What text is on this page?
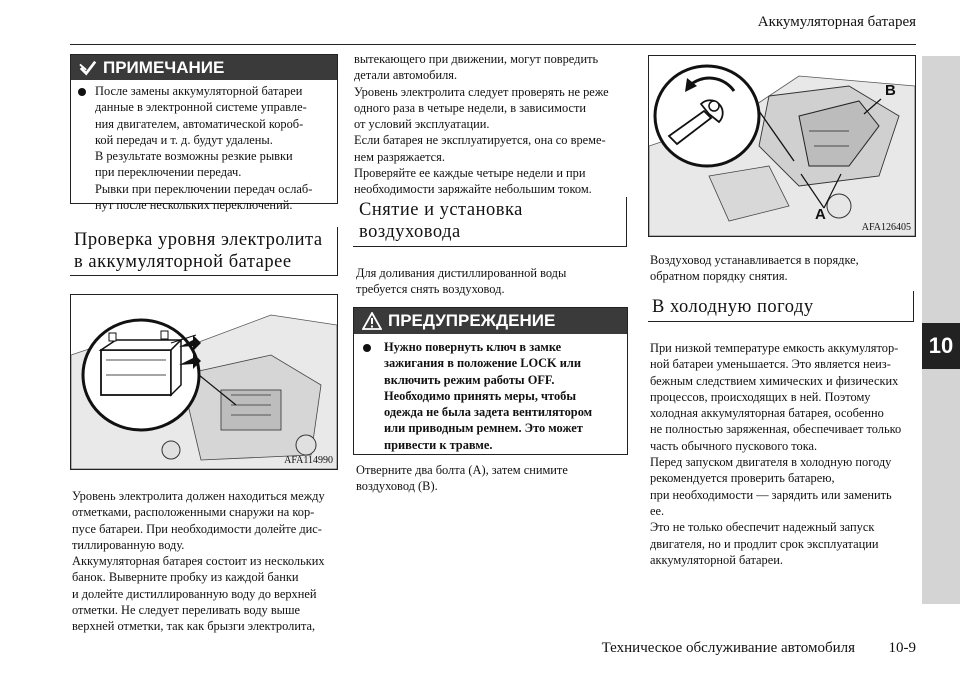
Аккумуляторная батарея
10
ПРИМЕЧАНИЕ
После замены аккумуляторной батареи
данные в электронной системе управле-
ния двигателем, автоматической короб-
кой передач и т. д. будут удалены.
В результате возможны резкие рывки
при переключении передач.
Рывки при переключении передач ослаб-
нут после нескольких переключений.
Проверка уровня электролита
в аккумуляторной батарее
AFA114990
Уровень электролита должен находиться между
отметками, расположенными снаружи на кор-
пусе батареи. При необходимости долейте дис-
тиллированную воду.
Аккумуляторная батарея состоит из нескольких
банок. Выверните пробку из каждой банки
и долейте дистиллированную воду до верхней
отметки. Не следует переливать воду выше
верхней отметки, так как брызги электролита,
вытекающего при движении, могут повредить
детали автомобиля.
Уровень электролита следует проверять не реже
одного раза в четыре недели, в зависимости
от условий эксплуатации.
Если батарея не эксплуатируется, она со време-
нем разряжается.
Проверяйте ее каждые четыре недели и при
необходимости заряжайте небольшим током.
Снятие и установка
воздуховода
Для доливания дистиллированной воды
требуется снять воздуховод.
ПРЕДУПРЕЖДЕНИЕ
Нужно повернуть ключ в замке
зажигания в положение LOCK или
включить режим работы OFF.
Необходимо принять меры, чтобы
одежда не была задета вентилятором
или приводным ремнем. Это может
привести к травме.
Отверните два болта (А), затем снимите
воздуховод (В).
A
B
AFA126405
Воздуховод устанавливается в порядке,
обратном порядку снятия.
В холодную погоду
При низкой температуре емкость аккумулятор-
ной батареи уменьшается. Это является неиз-
бежным следствием химических и физических
процессов, происходящих в ней. Поэтому
холодная аккумуляторная батарея, особенно
не полностью заряженная, обеспечивает только
часть обычного пускового тока.
Перед запуском двигателя в холодную погоду
рекомендуется проверить батарею,
при необходимости — зарядить или заменить
ее.
Это не только обеспечит надежный запуск
двигателя, но и продлит срок эксплуатации
аккумуляторной батареи.
Техническое обслуживание автомобиля 10-9
